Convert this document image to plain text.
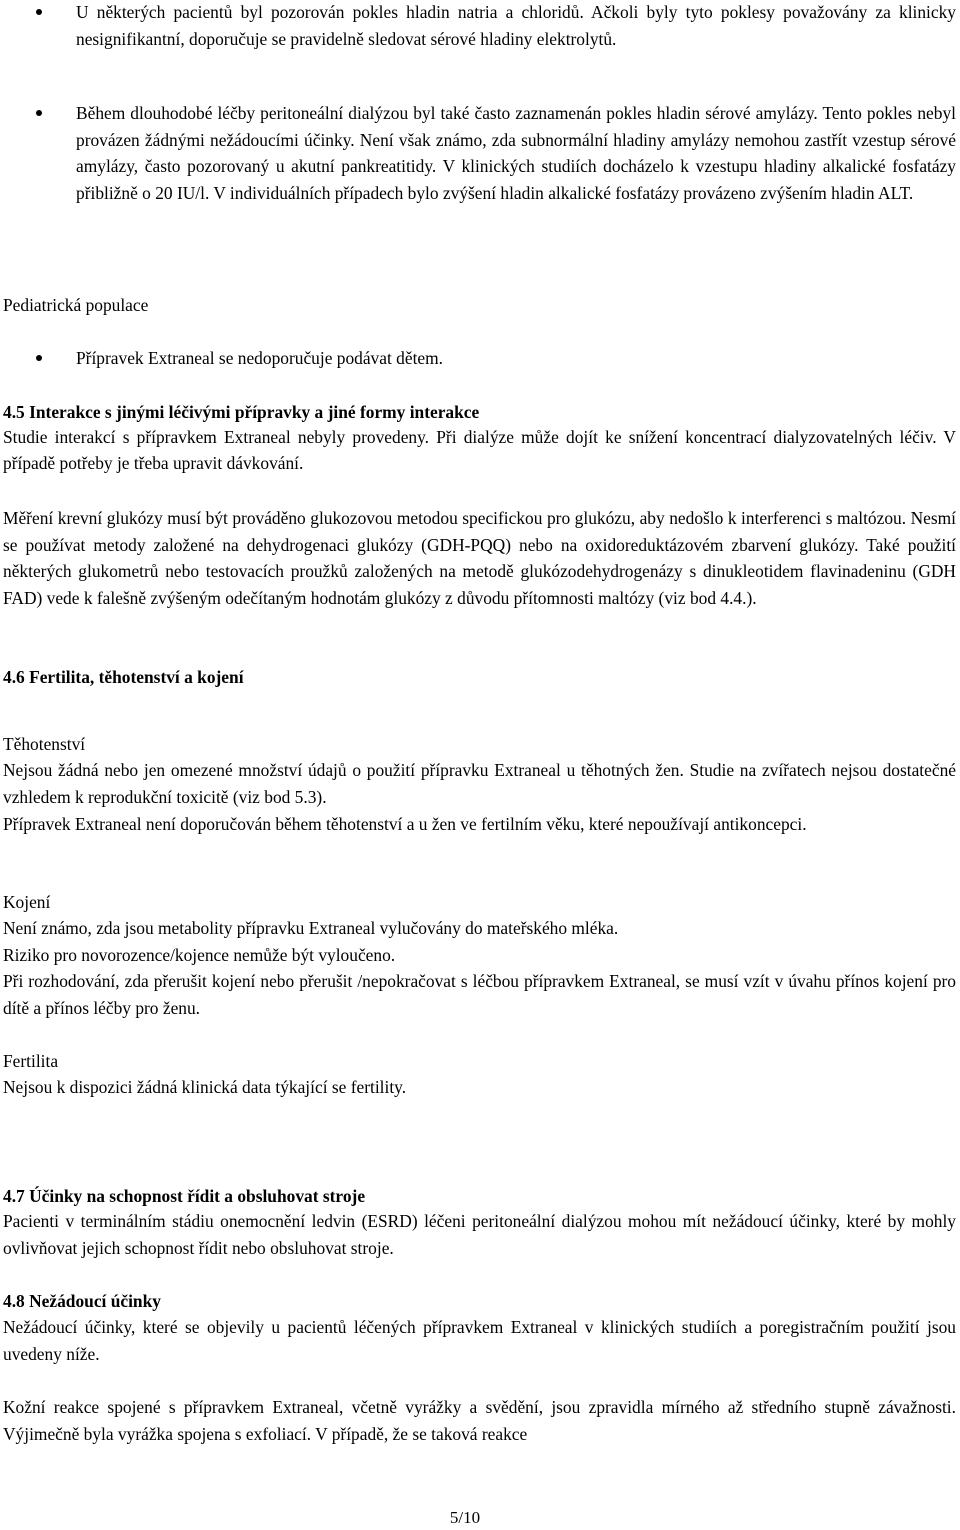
U některých pacientů byl pozorován pokles hladin natria a chloridů. Ačkoli byly tyto poklesy považovány za klinicky nesignifikantní, doporučuje se pravidelně sledovat sérové hladiny elektrolytů.

Během dlouhodobé léčby peritoneální dialýzou byl také často zaznamenán pokles hladin sérové amylázy. Tento pokles nebyl provázen žádnými nežádoucími účinky. Není však známo, zda subnormální hladiny amylázy nemohou zastřít vzestup sérové amylázy, často pozorovaný u akutní pankreatitidy. V klinických studiích docházelo k vzestupu hladiny alkalické fosfatázy přibližně o 20 IU/l. V individuálních případech bylo zvýšení hladin alkalické fosfatázy provázeno zvýšením hladin ALT.

Pediatrická populace

Přípravek Extraneal se nedoporučuje podávat dětem.

4.5 Interakce s jinými léčivými přípravky a jiné formy interakce

Studie interakcí s přípravkem Extraneal nebyly provedeny. Při dialýze může dojít ke snížení koncentrací dialyzovatelných léčiv. V případě potřeby je třeba upravit dávkování.

Měření krevní glukózy musí být prováděno glukozovou metodou specifickou pro glukózu, aby nedošlo k interferenci s maltózou. Nesmí se používat metody založené na dehydrogenaci glukózy (GDH-PQQ) nebo na oxidoreduktázovém zbarvení glukózy. Také použití některých glukometrů nebo testovacích proužků založených na metodě glukózodehydrogenázy s dinukleotidem flavinadeninu (GDH FAD) vede k falešně zvýšeným odečítaným hodnotám glukózy z důvodu přítomnosti maltózy (viz bod 4.4.).

4.6 Fertilita, těhotenství a kojení

Těhotenství

Nejsou žádná nebo jen omezené množství údajů o použití přípravku Extraneal u těhotných žen. Studie na zvířatech nejsou dostatečné vzhledem k reprodukční toxicitě (viz bod 5.3).

Přípravek Extraneal není doporučován během těhotenství a u žen ve fertilním věku, které nepoužívají antikoncepci.

Kojení

Není známo, zda jsou metabolity přípravku Extraneal vylučovány do mateřského mléka.

Riziko pro novorozence/kojence nemůže být vyloučeno.

Při rozhodování, zda přerušit kojení nebo přerušit /nepokračovat s léčbou přípravkem Extraneal, se musí vzít v úvahu přínos kojení pro dítě a přínos léčby pro ženu.

Fertilita

Nejsou k dispozici žádná klinická data týkající se fertility.

4.7 Účinky na schopnost řídit a obsluhovat stroje

Pacienti v terminálním stádiu onemocnění ledvin (ESRD) léčeni peritoneální dialýzou mohou mít nežádoucí účinky, které by mohly ovlivňovat jejich schopnost řídit nebo obsluhovat stroje.

4.8 Nežádoucí účinky

Nežádoucí účinky, které se objevily u pacientů léčených přípravkem Extraneal v klinických studiích a poregistračním použití jsou uvedeny níže.

Kožní reakce spojené s přípravkem Extraneal, včetně vyrážky a svědění, jsou zpravidla mírného až středního stupně závažnosti. Výjimečně byla vyrážka spojena s exfoliací. V případě, že se taková reakce

5/10
